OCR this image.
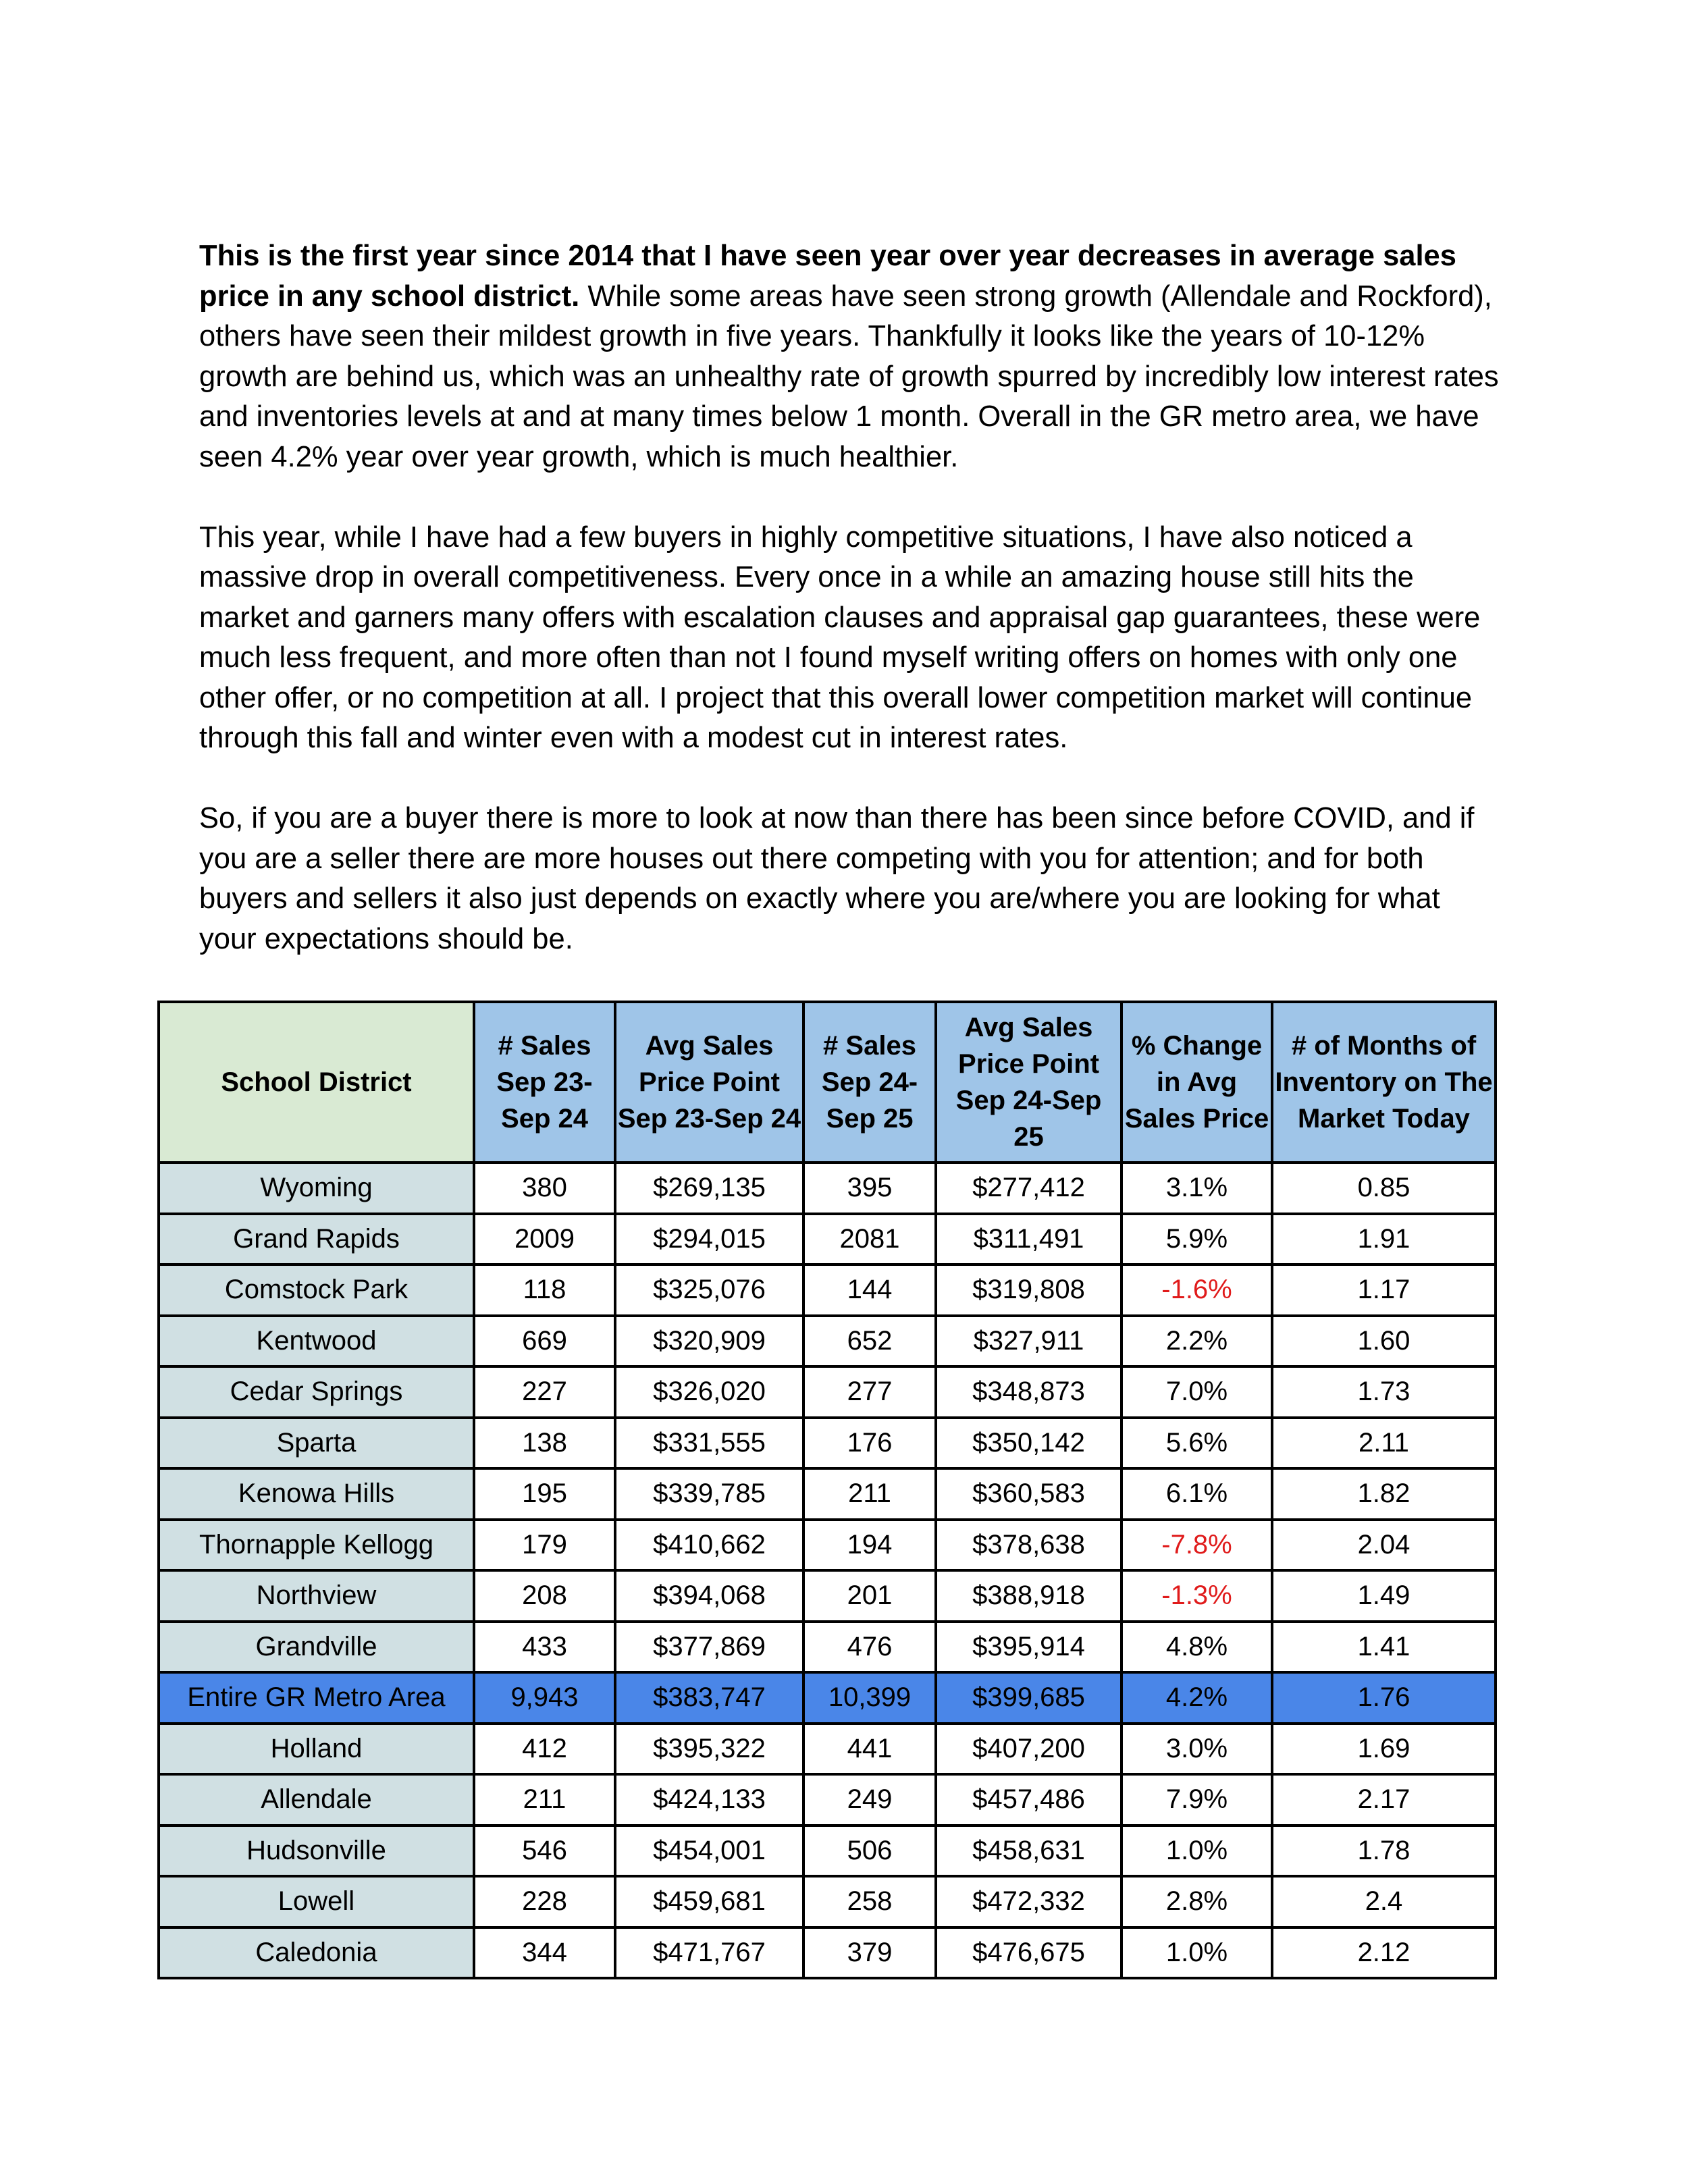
This is the first year since 2014 that I have seen year over year decreases in average sales price in any school district. While some areas have seen strong growth (Allendale and Rockford), others have seen their mildest growth in five years. Thankfully it looks like the years of 10-12% growth are behind us, which was an unhealthy rate of growth spurred by incredibly low interest rates and inventories levels at and at many times below 1 month. Overall in the GR metro area, we have seen 4.2% year over year growth, which is much healthier.

This year, while I have had a few buyers in highly competitive situations, I have also noticed a massive drop in overall competitiveness. Every once in a while an amazing house still hits the market and garners many offers with escalation clauses and appraisal gap guarantees, these were much less frequent, and more often than not I found myself writing offers on homes with only one other offer, or no competition at all. I project that this overall lower competition market will continue through this fall and winter even with a modest cut in interest rates.

So, if you are a buyer there is more to look at now than there has been since before COVID, and if you are a seller there are more houses out there competing with you for attention; and for both buyers and sellers it also just depends on exactly where you are/where you are looking for what your expectations should be.

School District	# Sales Sep 23-Sep 24	Avg Sales Price Point Sep 23-Sep 24	# Sales Sep 24-Sep 25	Avg Sales Price Point Sep 24-Sep 25	% Change in Avg Sales Price	# of Months of Inventory on The Market Today
Wyoming	380	$269,135	395	$277,412	3.1%	0.85
Grand Rapids	2009	$294,015	2081	$311,491	5.9%	1.91
Comstock Park	118	$325,076	144	$319,808	-1.6%	1.17
Kentwood	669	$320,909	652	$327,911	2.2%	1.60
Cedar Springs	227	$326,020	277	$348,873	7.0%	1.73
Sparta	138	$331,555	176	$350,142	5.6%	2.11
Kenowa Hills	195	$339,785	211	$360,583	6.1%	1.82
Thornapple Kellogg	179	$410,662	194	$378,638	-7.8%	2.04
Northview	208	$394,068	201	$388,918	-1.3%	1.49
Grandville	433	$377,869	476	$395,914	4.8%	1.41
Entire GR Metro Area	9,943	$383,747	10,399	$399,685	4.2%	1.76
Holland	412	$395,322	441	$407,200	3.0%	1.69
Allendale	211	$424,133	249	$457,486	7.9%	2.17
Hudsonville	546	$454,001	506	$458,631	1.0%	1.78
Lowell	228	$459,681	258	$472,332	2.8%	2.4
Caledonia	344	$471,767	379	$476,675	1.0%	2.12
